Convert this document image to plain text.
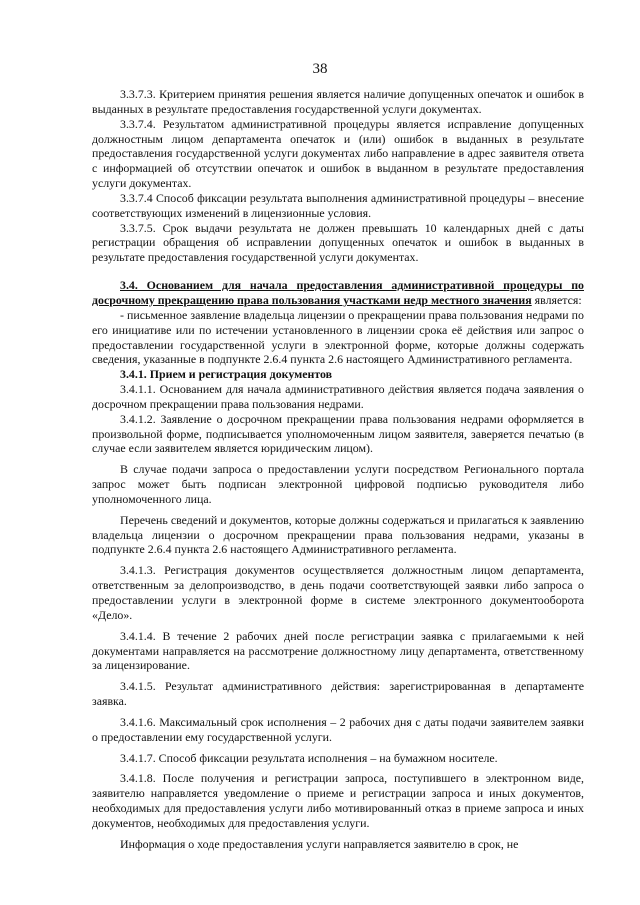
38

3.3.7.3. Критерием принятия решения является наличие допущенных опечаток и ошибок в выданных в результате предоставления государственной услуги документах.

3.3.7.4. Результатом административной процедуры является исправление допущенных должностным лицом департамента опечаток и (или) ошибок в выданных в результате предоставления государственной услуги документах либо направление в адрес заявителя ответа с информацией об отсутствии опечаток и ошибок в выданном в результате предоставления услуги документах.

3.3.7.4 Способ фиксации результата выполнения административной процедуры – внесение соответствующих изменений в лицензионные условия.

3.3.7.5. Срок выдачи результата не должен превышать 10 календарных дней с даты регистрации обращения об исправлении допущенных опечаток и ошибок в выданных в результате предоставления государственной услуги документах.

3.4. Основанием для начала предоставления административной процедуры по досрочному прекращению права пользования участками недр местного значения является:

- письменное заявление владельца лицензии о прекращении права пользования недрами по его инициативе или по истечении установленного в лицензии срока её действия или запрос о предоставлении государственной услуги в электронной форме, которые должны содержать сведения, указанные в подпункте 2.6.4 пункта 2.6 настоящего Административного регламента.

3.4.1. Прием и регистрация документов

3.4.1.1. Основанием для начала административного действия является подача заявления о досрочном прекращении права пользования недрами.

3.4.1.2. Заявление о досрочном прекращении права пользования недрами оформляется в произвольной форме, подписывается уполномоченным лицом заявителя, заверяется печатью (в случае если заявителем является юридическим лицом).

В случае подачи запроса о предоставлении услуги посредством Регионального портала запрос может быть подписан электронной цифровой подписью руководителя либо уполномоченного лица.

Перечень сведений и документов, которые должны содержаться и прилагаться к заявлению владельца лицензии о досрочном прекращении права пользования недрами, указаны в подпункте 2.6.4 пункта 2.6 настоящего Административного регламента.

3.4.1.3. Регистрация документов осуществляется должностным лицом департамента, ответственным за делопроизводство, в день подачи соответствующей заявки либо запроса о предоставлении услуги в электронной форме в системе электронного документооборота «Дело».

3.4.1.4. В течение 2 рабочих дней после регистрации заявка с прилагаемыми к ней документами направляется на рассмотрение должностному лицу департамента, ответственному за лицензирование.

3.4.1.5. Результат административного действия: зарегистрированная в департаменте заявка.

3.4.1.6. Максимальный срок исполнения – 2 рабочих дня с даты подачи заявителем заявки о предоставлении ему государственной услуги.

3.4.1.7. Способ фиксации результата исполнения – на бумажном носителе.

3.4.1.8. После получения и регистрации запроса, поступившего в электронном виде, заявителю направляется уведомление о приеме и регистрации запроса и иных документов, необходимых для предоставления услуги либо мотивированный отказ в приеме запроса и иных документов, необходимых для предоставления услуги.

Информация о ходе предоставления услуги направляется заявителю в срок, не
